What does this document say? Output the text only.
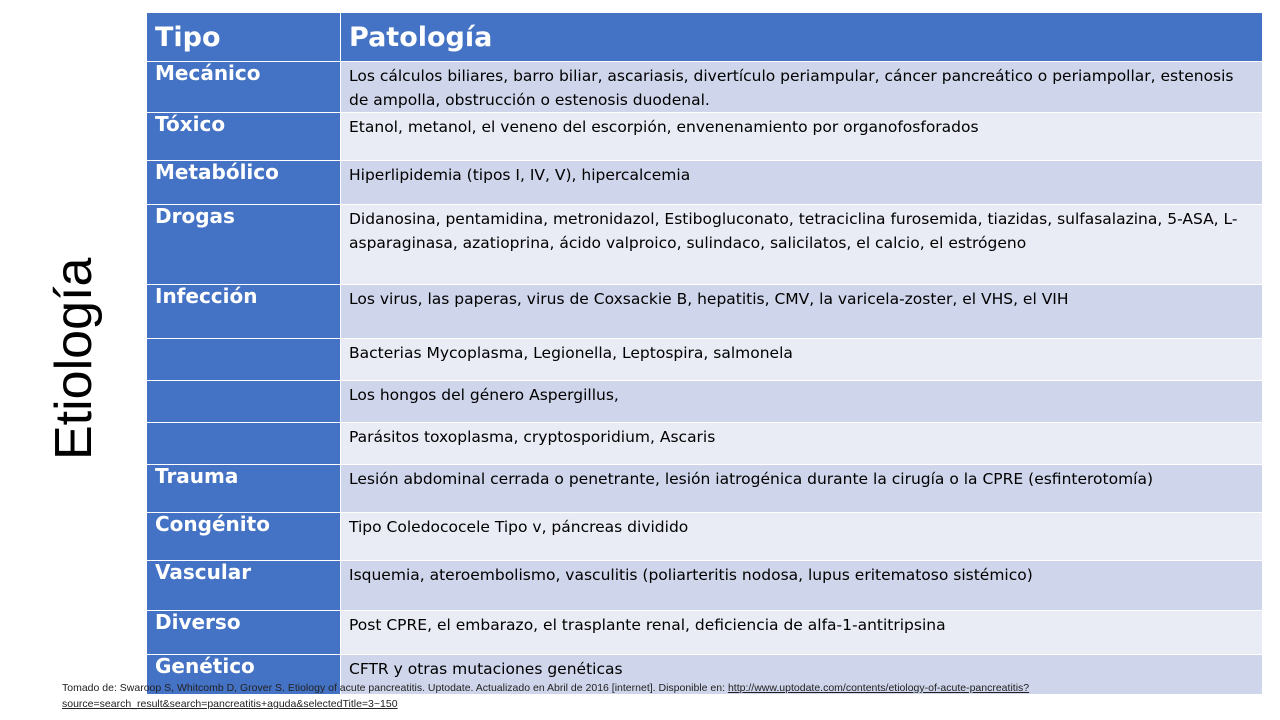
Etiología
Tipo	Patología
Mecánico	Los cálculos biliares, barro biliar, ascariasis, divertículo periampular, cáncer pancreático o periampollar, estenosis de ampolla, obstrucción o estenosis duodenal.
Tóxico	Etanol, metanol, el veneno del escorpión, envenenamiento por organofosforados
Metabólico	Hiperlipidemia (tipos I, IV, V), hipercalcemia
Drogas	Didanosina, pentamidina, metronidazol, Estibogluconato, tetraciclina furosemida, tiazidas, sulfasalazina, 5-ASA, L-asparaginasa, azatioprina, ácido valproico, sulindaco, salicilatos, el calcio, el estrógeno
Infección	Los virus, las paperas, virus de Coxsackie B, hepatitis, CMV, la varicela-zoster, el VHS, el VIH
	Bacterias Mycoplasma, Legionella, Leptospira, salmonela
	Los hongos del género Aspergillus,
	Parásitos toxoplasma, cryptosporidium, Ascaris
Trauma	Lesión abdominal cerrada o penetrante, lesión iatrogénica durante la cirugía o la CPRE (esfinterotomía)
Congénito	Tipo Coledococele Tipo v, páncreas dividido
Vascular	Isquemia, ateroembolismo, vasculitis (poliarteritis nodosa, lupus eritematoso sistémico)
Diverso	Post CPRE, el embarazo, el trasplante renal, deficiencia de alfa-1-antitripsina
Genético	CFTR y otras mutaciones genéticas
Tomado de: Swaroop S, Whitcomb D, Grover S. Etiology of acute pancreatitis. Uptodate. Actualizado en Abril de 2016 [internet]. Disponible en: http://www.uptodate.com/contents/etiology-of-acute-pancreatitis?source=search_result&search=pancreatitis+aguda&selectedTitle=3~150
